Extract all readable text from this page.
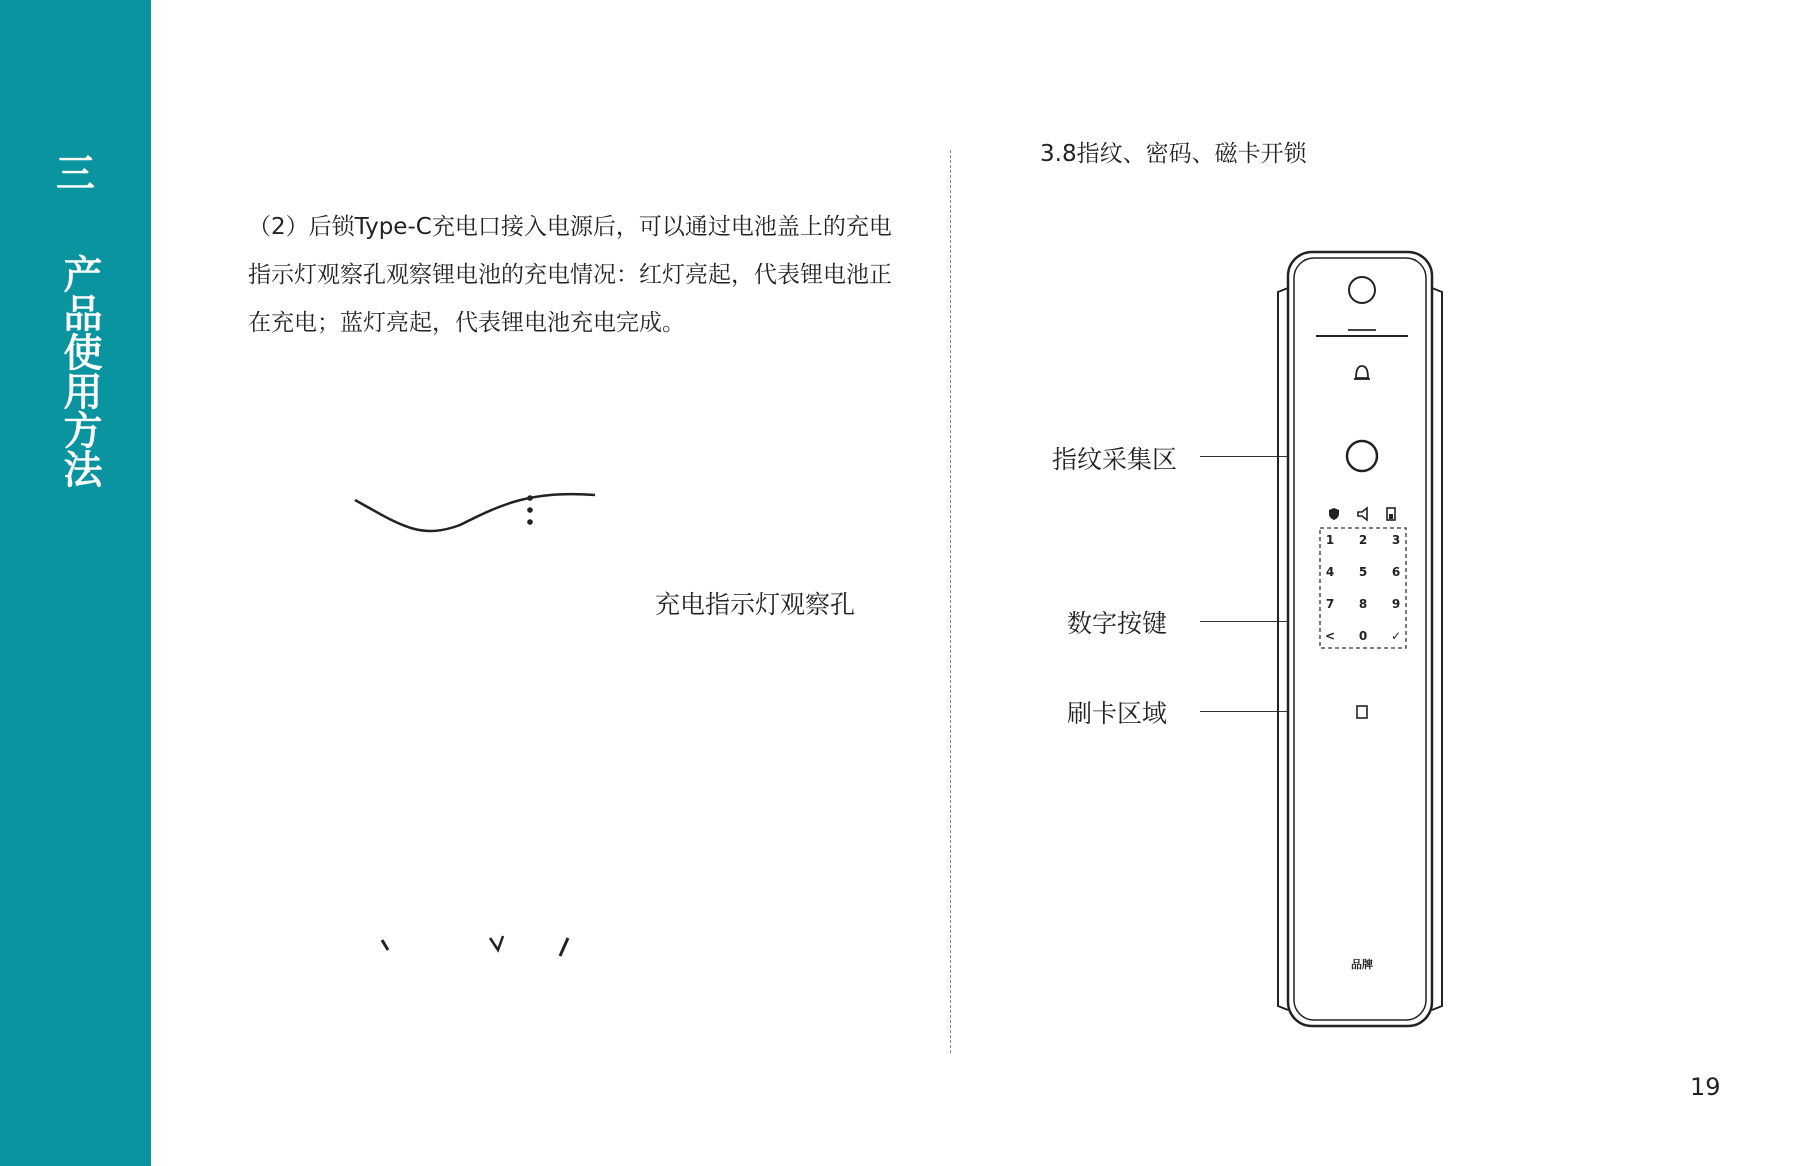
三
产品使用方法

（2）后锁Type-C充电口接入电源后，可以通过电池盖上的充电指示灯观察孔观察锂电池的充电情况：红灯亮起，代表锂电池正在充电；蓝灯亮起，代表锂电池充电完成。

充电指示灯观察孔
3.8指纹、密码、磁卡开锁
指纹采集区
数字按键
刷卡区域
1 2 3
4 5 6
7 8 9
< 0 ✓
品牌
19
